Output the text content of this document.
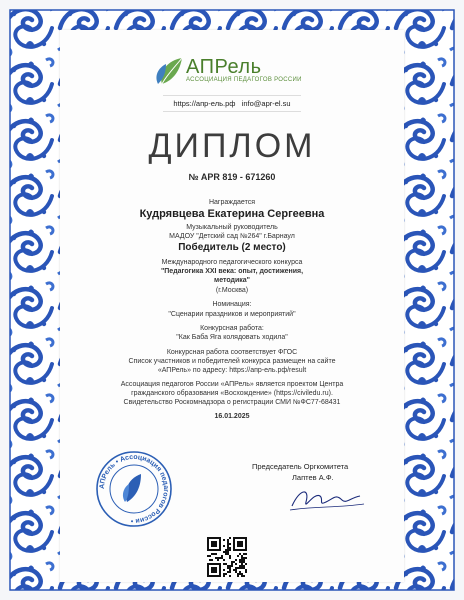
АПРель
АССОЦИАЦИЯ ПЕДАГОГОВ РОССИИ
https://апр-ель.рф info@apr-el.su
ДИПЛОМ
№ APR 819 - 671260
Награждается
Кудрявцева Екатерина Сергеевна
Музыкальный руководитель
МАДОУ "Детский сад №264" г.Барнаул
Победитель (2 место)
Международного педагогического конкурса
"Педагогика XXI века: опыт, достижения,
методика"
(г.Москва)
Номинация:
"Сценарии праздников и мероприятий"
Конкурсная работа:
"Как Баба Яга колядовать ходила"
Конкурсная работа соответствует ФГОС
Список участников и победителей конкурса размещен на сайте
«АПРель» по адресу: https://апр-ель.рф/result
Ассоциация педагогов России «АПРель» является проектом Центра
гражданского образования «Восхождение» (https://civiledu.ru).
Свидетельство Роскомнадзора о регистрации СМИ №ФС77-68431
16.01.2025
АПРель • Ассоциация педагогов России •
Председатель Оргкомитета
Лаптев А.Ф.
